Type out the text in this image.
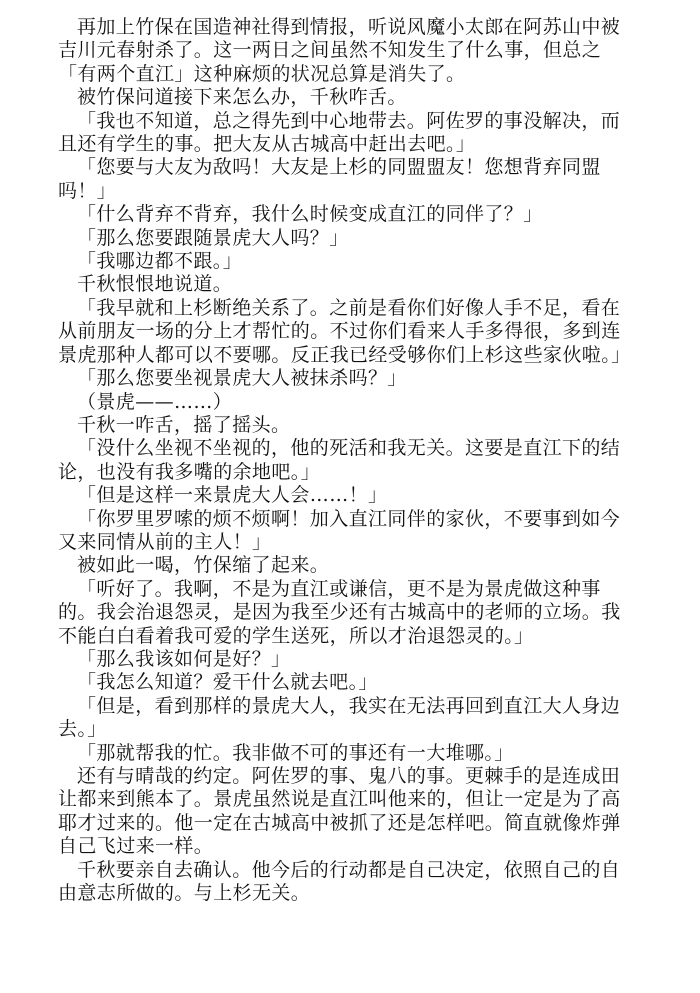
再加上竹保在国造神社得到情报，听说风魔小太郎在阿苏山中被吉川元春射杀了。这一两日之间虽然不知发生了什么事，但总之「有两个直江」这种麻烦的状况总算是消失了。

被竹保问道接下来怎么办，千秋咋舌。

「我也不知道，总之得先到中心地带去。阿佐罗的事没解决，而且还有学生的事。把大友从古城高中赶出去吧。」

「您要与大友为敌吗！大友是上杉的同盟盟友！您想背弃同盟吗！」

「什么背弃不背弃，我什么时候变成直江的同伴了？」

「那么您要跟随景虎大人吗？」

「我哪边都不跟。」

千秋恨恨地说道。

「我早就和上杉断绝关系了。之前是看你们好像人手不足，看在从前朋友一场的分上才帮忙的。不过你们看来人手多得很，多到连景虎那种人都可以不要哪。反正我已经受够你们上杉这些家伙啦。」

「那么您要坐视景虎大人被抹杀吗？」

（景虎——……）

千秋一咋舌，摇了摇头。

「没什么坐视不坐视的，他的死活和我无关。这要是直江下的结论，也没有我多嘴的余地吧。」

「但是这样一来景虎大人会……！」

「你罗里罗嗦的烦不烦啊！加入直江同伴的家伙，不要事到如今又来同情从前的主人！」

被如此一喝，竹保缩了起来。

「听好了。我啊，不是为直江或谦信，更不是为景虎做这种事的。我会治退怨灵，是因为我至少还有古城高中的老师的立场。我不能白白看着我可爱的学生送死，所以才治退怨灵的。」

「那么我该如何是好？」

「我怎么知道？爱干什么就去吧。」

「但是，看到那样的景虎大人，我实在无法再回到直江大人身边去。」

「那就帮我的忙。我非做不可的事还有一大堆哪。」

还有与晴哉的约定。阿佐罗的事、鬼八的事。更棘手的是连成田让都来到熊本了。景虎虽然说是直江叫他来的，但让一定是为了高耶才过来的。他一定在古城高中被抓了还是怎样吧。简直就像炸弹自己飞过来一样。

千秋要亲自去确认。他今后的行动都是自己决定，依照自己的自由意志所做的。与上杉无关。
